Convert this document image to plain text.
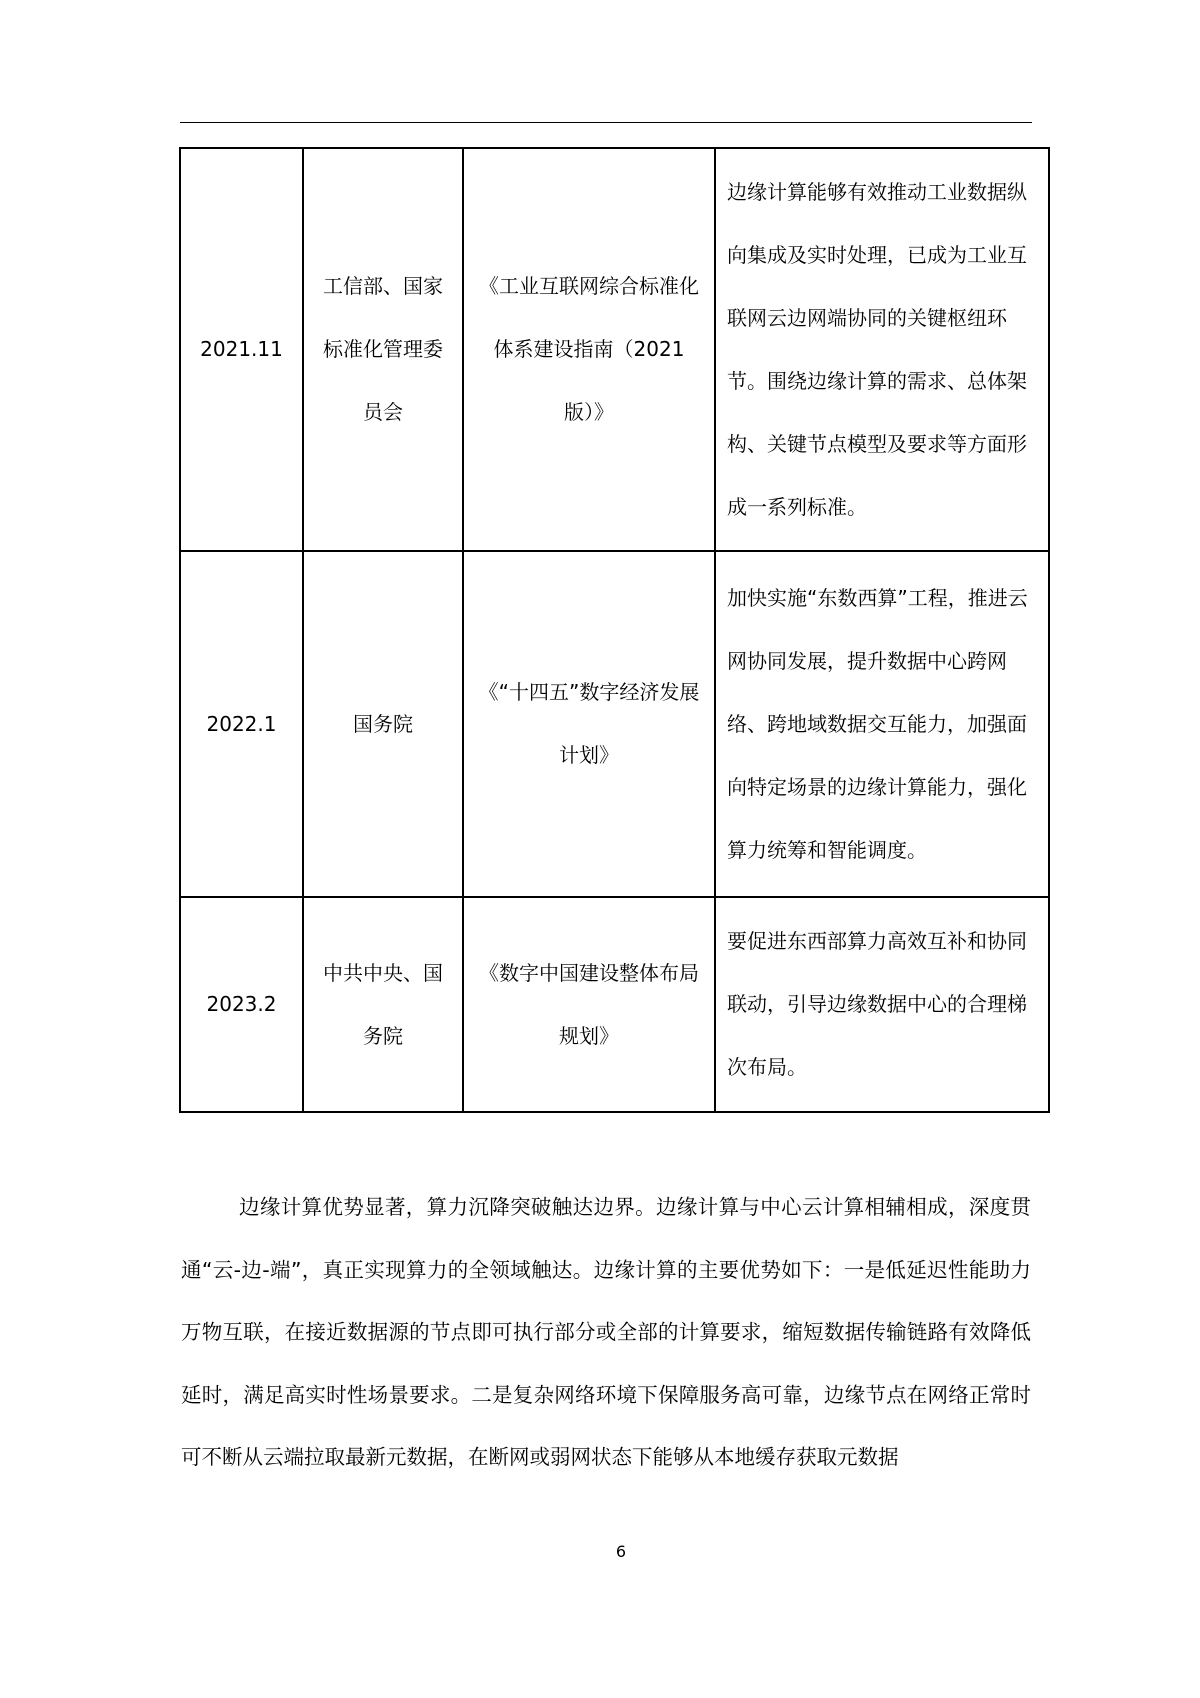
2021.11	工信部、国家标准化管理委员会	《工业互联网综合标准化体系建设指南（2021版）》	边缘计算能够有效推动工业数据纵向集成及实时处理，已成为工业互联网云边网端协同的关键枢纽环节。围绕边缘计算的需求、总体架构、关键节点模型及要求等方面形成一系列标准。
2022.1	国务院	《“十四五”数字经济发展计划》	加快实施“东数西算”工程，推进云网协同发展，提升数据中心跨网络、跨地域数据交互能力，加强面向特定场景的边缘计算能力，强化算力统筹和智能调度。
2023.2	中共中央、国务院	《数字中国建设整体布局规划》	要促进东西部算力高效互补和协同联动，引导边缘数据中心的合理梯次布局。

边缘计算优势显著，算力沉降突破触达边界。边缘计算与中心云计算相辅相成，深度贯通“云-边-端”，真正实现算力的全领域触达。边缘计算的主要优势如下：一是低延迟性能助力万物互联，在接近数据源的节点即可执行部分或全部的计算要求，缩短数据传输链路有效降低延时，满足高实时性场景要求。二是复杂网络环境下保障服务高可靠，边缘节点在网络正常时可不断从云端拉取最新元数据，在断网或弱网状态下能够从本地缓存获取元数据

6
